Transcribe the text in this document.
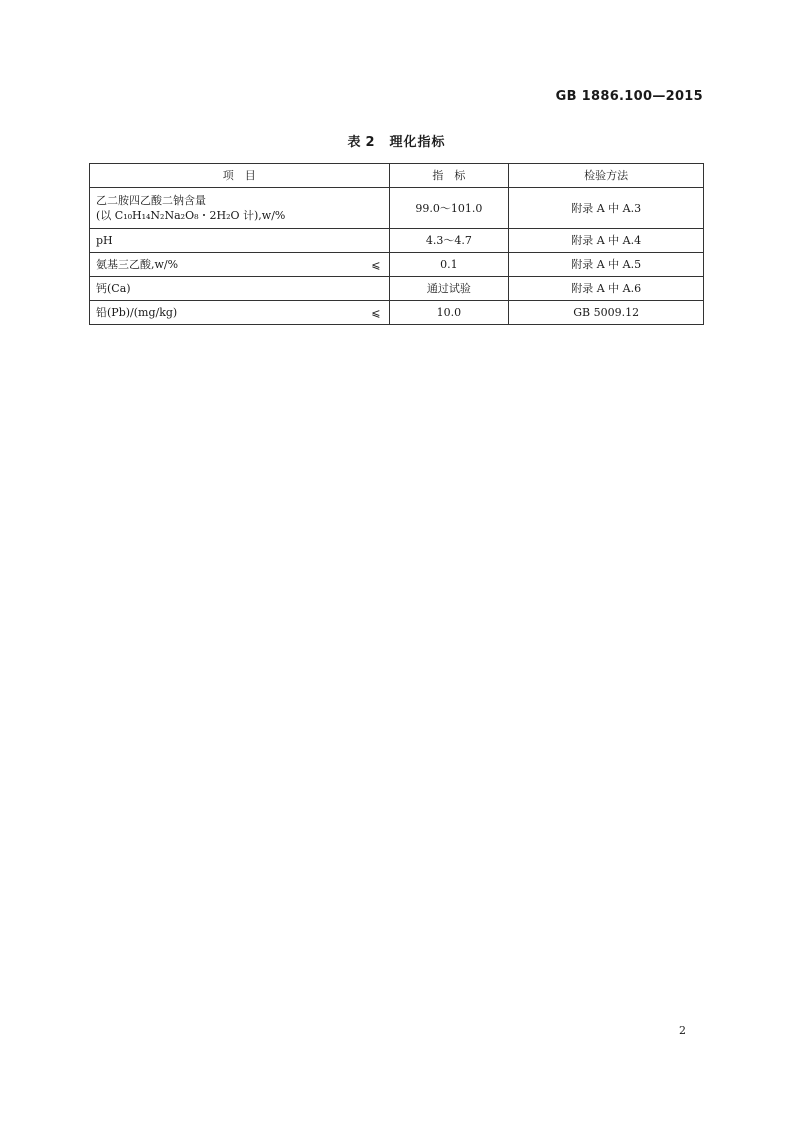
GB 1886.100—2015
表 2 理化指标
项　目	指　标	检验方法

乙二胺四乙酸二钠含量
(以 C₁₀H₁₄N₂Na₂O₈・2H₂O 计),w/%	99.0～101.0	附录 A 中 A.3
pH	4.3～4.7	附录 A 中 A.4
氨基三乙酸,w/% ⩽	0.1	附录 A 中 A.5
钙(Ca)	通过试验	附录 A 中 A.6
铅(Pb)/(mg/kg) ⩽	10.0	GB 5009.12
2
